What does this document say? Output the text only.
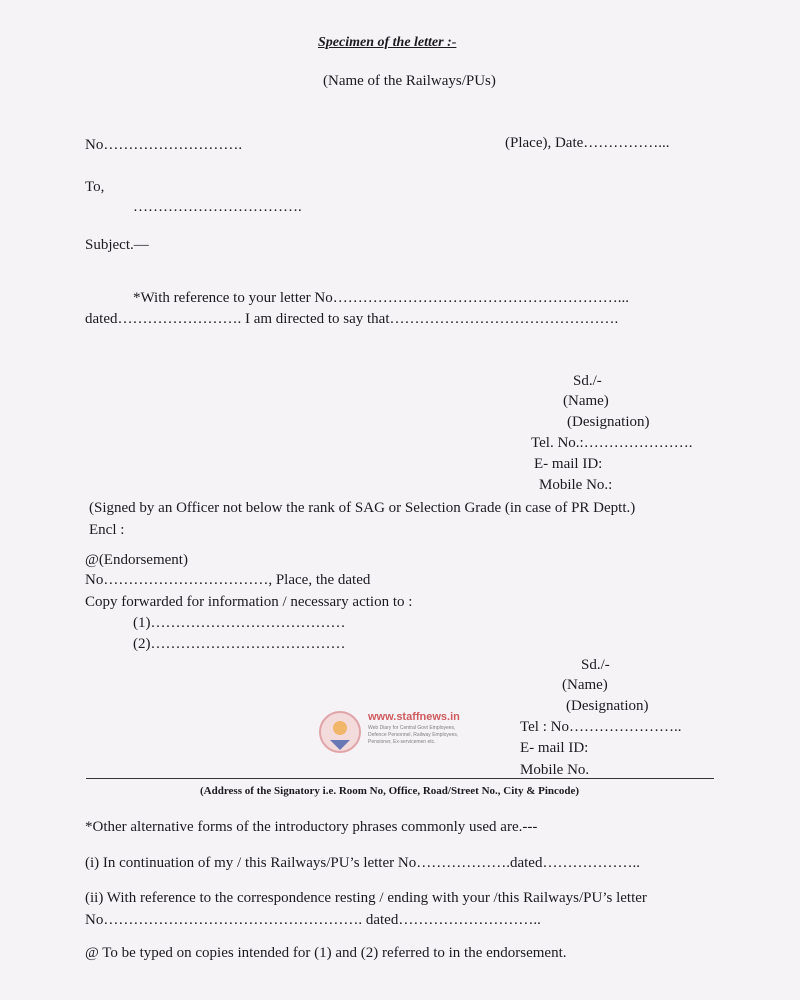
Specimen of the letter :-
(Name of the Railways/PUs)
No……………………….	(Place), Date……………...
To,
…………………………….
Subject.—
*With reference to your letter No…………………………………………………...
dated……………………. I am directed to say that……………………………………….
Sd./-
(Name)
(Designation)
Tel. No.:………………….
E- mail ID:
Mobile No.:
(Signed by an Officer not below the rank of SAG or Selection Grade (in case of PR Deptt.)
Encl :
@(Endorsement)
No……………………………, Place, the dated
Copy forwarded for information / necessary action to :
(1)…………………………………
(2)…………………………………
Sd./-
(Name)
(Designation)
Tel : No…………………..
E- mail ID:
Mobile No.
www.staffnews.in
Web Diary for Central Govt Employees,
Defence Personnel, Railway Employees,
Pensioner, Ex-servicemen etc.
(Address of the Signatory i.e. Room No, Office, Road/Street No., City & Pincode)
*Other alternative forms of the introductory phrases commonly used are.---
(i) In continuation of my / this Railways/PU’s letter No……………….dated………………..
(ii) With reference to the correspondence resting / ending with your /this Railways/PU’s letter
No……………………………………………. dated………………………..
@ To be typed on copies intended for (1) and (2) referred to in the endorsement.
